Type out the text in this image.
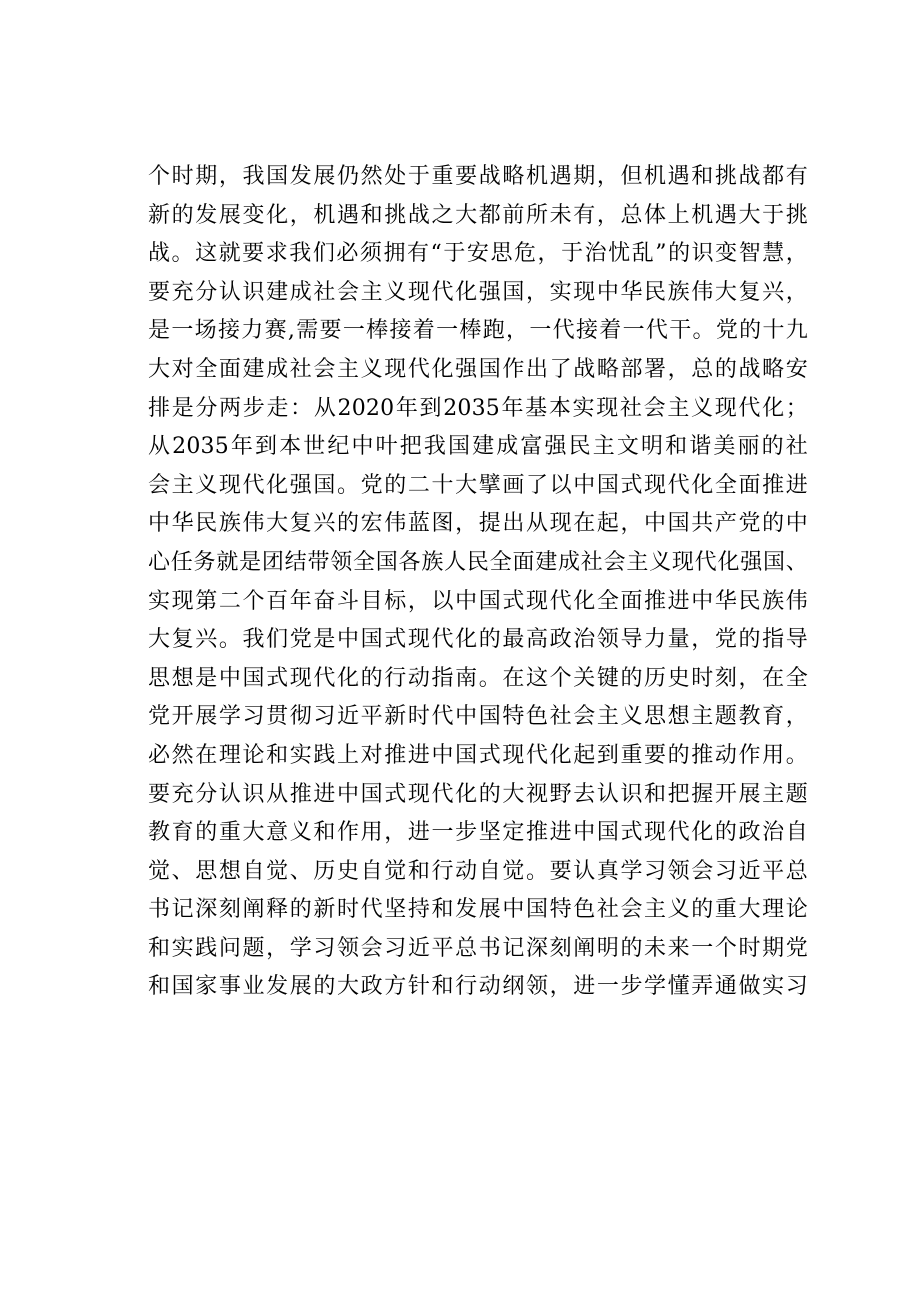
个时期，我国发展仍然处于重要战略机遇期，但机遇和挑战都有
新的发展变化，机遇和挑战之大都前所未有，总体上机遇大于挑
战。这就要求我们必须拥有“于安思危，于治忧乱”的识变智慧，
要充分认识建成社会主义现代化强国，实现中华民族伟大复兴，
是一场接力赛,需要一棒接着一棒跑，一代接着一代干。党的十九
大对全面建成社会主义现代化强国作出了战略部署，总的战略安
排是分两步走：从2020年到2035年基本实现社会主义现代化；
从2035年到本世纪中叶把我国建成富强民主文明和谐美丽的社
会主义现代化强国。党的二十大擘画了以中国式现代化全面推进
中华民族伟大复兴的宏伟蓝图，提出从现在起，中国共产党的中
心任务就是团结带领全国各族人民全面建成社会主义现代化强国、
实现第二个百年奋斗目标，以中国式现代化全面推进中华民族伟
大复兴。我们党是中国式现代化的最高政治领导力量，党的指导
思想是中国式现代化的行动指南。在这个关键的历史时刻，在全
党开展学习贯彻习近平新时代中国特色社会主义思想主题教育，
必然在理论和实践上对推进中国式现代化起到重要的推动作用。
要充分认识从推进中国式现代化的大视野去认识和把握开展主题
教育的重大意义和作用，进一步坚定推进中国式现代化的政治自
觉、思想自觉、历史自觉和行动自觉。要认真学习领会习近平总
书记深刻阐释的新时代坚持和发展中国特色社会主义的重大理论
和实践问题，学习领会习近平总书记深刻阐明的未来一个时期党
和国家事业发展的大政方针和行动纲领，进一步学懂弄通做实习
